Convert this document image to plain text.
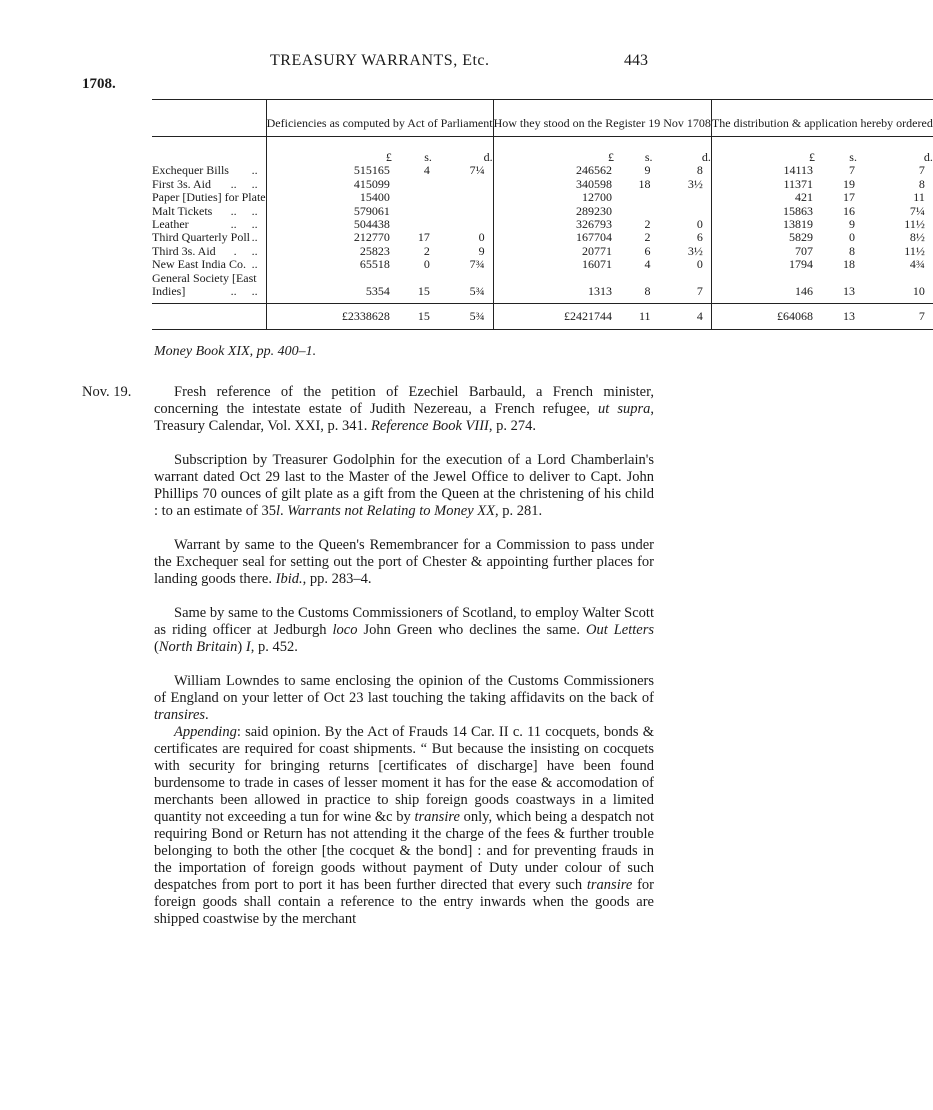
TREASURY WARRANTS, Etc.	443
1708.
	Deficiencies as computed by Act of Parliament			How they stood on the Register 19 Nov 1708			The distribution & application hereby ordered		
	£	s.	d.	£	s.	d.	£	s.	d.
Exchequer Bills ..	515165	4	7¼	246562	9	8	14113	7	7
First 3s. Aid ..     ..	415099			340598	18	3½	11371	19	8
Paper [Duties] for Plate	15400			12700			421	17	11
Malt Tickets ..     ..	579061			289230			15863	16	7¼
Leather ..     ..	504438			326793	2	0	13819	9	11½
Third Quarterly Poll ..	212770	17	0	167704	2	6	5829	0	8½
Third 3s. Aid .     ..	25823	2	9	20771	6	3½	707	8	11½
New East India Co. ..	65518	0	7¾	16071	4	0	1794	18	4¾
General Society [East									
Indies] ..     ..	5354	15	5¾	1313	8	7	146	13	10
	£2338628	15	5¾	£2421744	11	4	£64068	13	7
Money Book XIX, pp. 400–1.
Nov. 19.	Fresh reference of the petition of Ezechiel Barbauld, a French minister, concerning the intestate estate of Judith Nezereau, a French refugee, ut supra, Treasury Calendar, Vol. XXI, p. 341. Reference Book VIII, p. 274.

Subscription by Treasurer Godolphin for the execution of a Lord Chamberlain's warrant dated Oct 29 last to the Master of the Jewel Office to deliver to Capt. John Phillips 70 ounces of gilt plate as a gift from the Queen at the christening of his child : to an estimate of 35l. Warrants not Relating to Money XX, p. 281.

Warrant by same to the Queen's Remembrancer for a Commission to pass under the Exchequer seal for setting out the port of Chester & appointing further places for landing goods there. Ibid., pp. 283–4.

Same by same to the Customs Commissioners of Scotland, to employ Walter Scott as riding officer at Jedburgh loco John Green who declines the same. Out Letters (North Britain) I, p. 452.

William Lowndes to same enclosing the opinion of the Customs Commissioners of England on your letter of Oct 23 last touching the taking affidavits on the back of transires.

Appending: said opinion. By the Act of Frauds 14 Car. II c. 11 cocquets, bonds & certificates are required for coast shipments. “ But because the insisting on cocquets with security for bringing returns [certificates of discharge] have been found burdensome to trade in cases of lesser moment it has for the ease & accomodation of merchants been allowed in practice to ship foreign goods coastways in a limited quantity not exceeding a tun for wine &c by transire only, which being a despatch not requiring Bond or Return has not attending it the charge of the fees & further trouble belonging to both the other [the cocquet & the bond] : and for preventing frauds in the importation of foreign goods without payment of Duty under colour of such despatches from port to port it has been further directed that every such transire for foreign goods shall contain a reference to the entry inwards when the goods are shipped coastwise by the merchant
